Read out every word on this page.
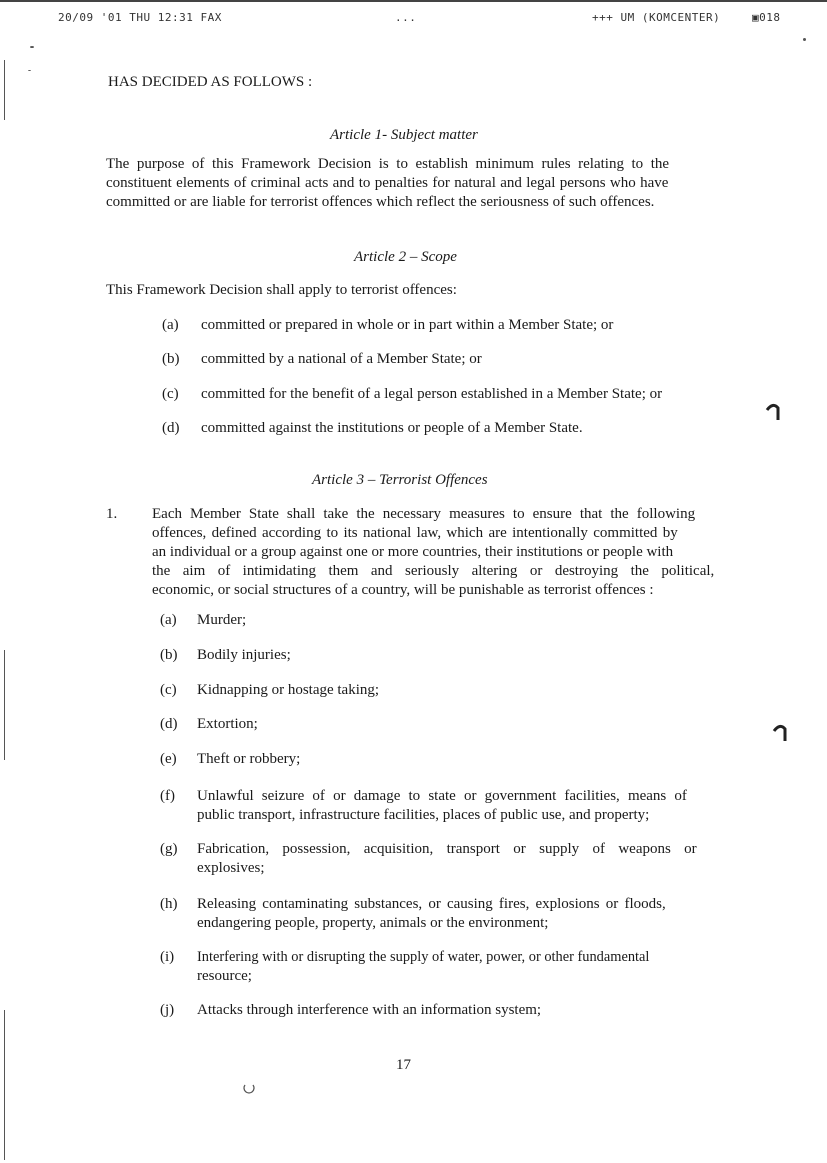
20/09 '01 THU 12:31 FAX	...	+++ UM (KOMCENTER)	▣018
HAS DECIDED AS FOLLOWS :
Article 1- Subject matter
The purpose of this Framework Decision is to establish minimum rules relating to the
constituent elements of criminal acts and to penalties for natural and legal persons who have
committed or are liable for terrorist offences which reflect the seriousness of such offences.
Article 2 – Scope
This Framework Decision shall apply to terrorist offences:
(a) committed or prepared in whole or in part within a Member State; or
(b) committed by a national of a Member State; or
(c) committed for the benefit of a legal person established in a Member State; or
(d) committed against the institutions or people of a Member State.
Article 3 – Terrorist Offences
1. Each Member State shall take the necessary measures to ensure that the following
offences, defined according to its national law, which are intentionally committed by
an individual or a group against one or more countries, their institutions or people with
the aim of intimidating them and seriously altering or destroying the political,
economic, or social structures of a country, will be punishable as terrorist offences :
(a) Murder;
(b) Bodily injuries;
(c) Kidnapping or hostage taking;
(d) Extortion;
(e) Theft or robbery;
(f) Unlawful seizure of or damage to state or government facilities, means of
public transport, infrastructure facilities, places of public use, and property;
(g) Fabrication, possession, acquisition, transport or supply of weapons or
explosives;
(h) Releasing contaminating substances, or causing fires, explosions or floods,
endangering people, property, animals or the environment;
(i) Interfering with or disrupting the supply of water, power, or other fundamental
resource;
(j) Attacks through interference with an information system;
17
